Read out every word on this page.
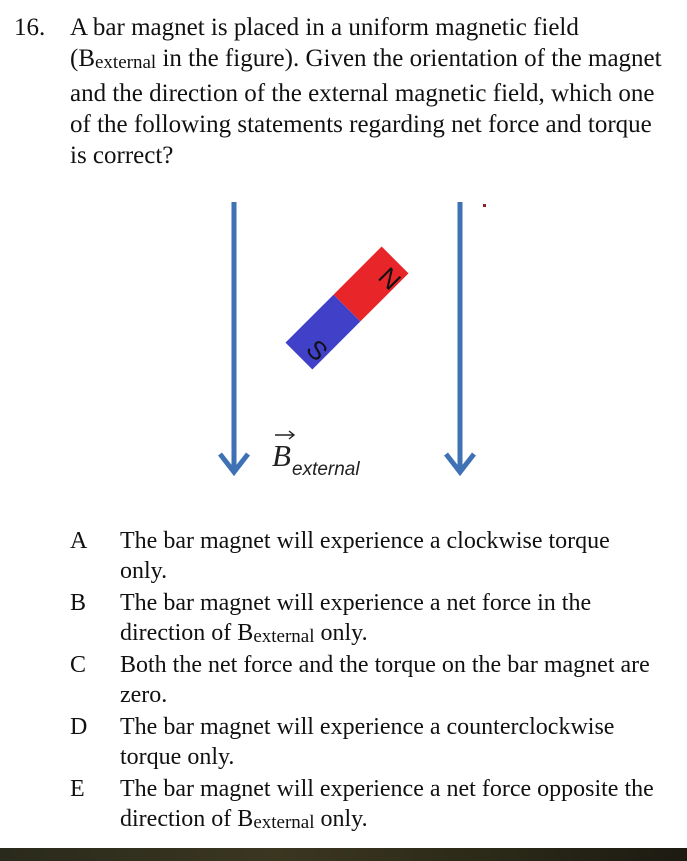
16. A bar magnet is placed in a uniform magnetic field (Bexternal in the figure). Given the orientation of the magnet and the direction of the external magnetic field, which one of the following statements regarding net force and torque is correct?
S
N
B external
A The bar magnet will experience a clockwise torque only.
B The bar magnet will experience a net force in the direction of Bexternal only.
C Both the net force and the torque on the bar magnet are zero.
D The bar magnet will experience a counterclockwise torque only.
E The bar magnet will experience a net force opposite the direction of Bexternal only.
